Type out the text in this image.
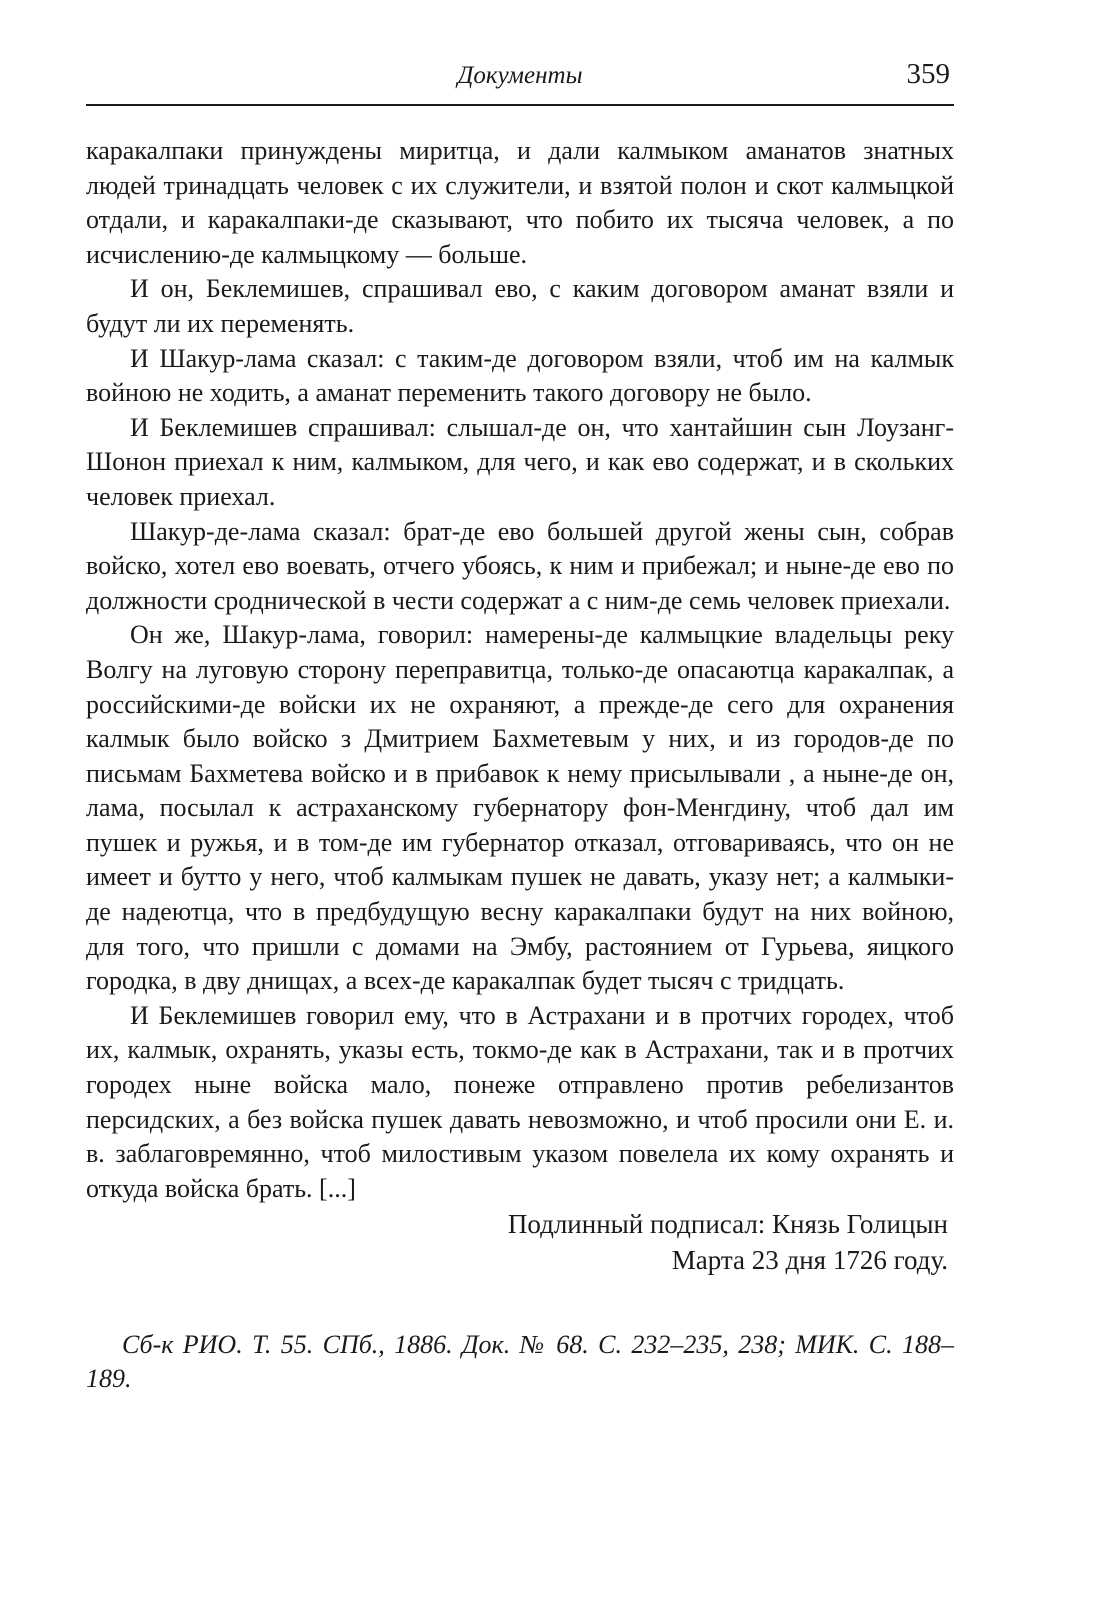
Документы	359

каракалпаки принуждены миритца, и дали калмыком аманатов знатных людей тринадцать человек с их служители, и взятой полон и скот калмыцкой отдали, и каракалпаки-де сказывают, что побито их тысяча человек, а по исчислению-де калмыцкому — больше.

И он, Беклемишев, спрашивал ево, с каким договором аманат взяли и будут ли их переменять.

И Шакур-лама сказал: с таким-де договором взяли, чтоб им на калмык войною не ходить, а аманат переменить такого договору не было.

И Беклемишев спрашивал: слышал-де он, что хантайшин сын Лоузанг-Шонон приехал к ним, калмыком, для чего, и как ево содержат, и в скольких человек приехал.

Шакур-де-лама сказал: брат-де ево большей другой жены сын, собрав войско, хотел ево воевать, отчего убоясь, к ним и прибежал; и ныне-де ево по должности сроднической в чести содержат а с ним-де семь человек приехали.

Он же, Шакур-лама, говорил: намерены-де калмыцкие владельцы реку Волгу на луговую сторону переправитца, только-де опасаютца каракалпак, а российскими-де войски их не охраняют, а прежде-де сего для охранения калмык было войско з Дмитрием Бахметевым у них, и из городов-де по письмам Бахметева войско и в прибавок к нему присылывали , а ныне-де он, лама, посылал к астраханскому губернатору фон-Менгдину, чтоб дал им пушек и ружья, и в том-де им губернатор отказал, отговариваясь, что он не имеет и бутто у него, чтоб калмыкам пушек не давать, указу нет; а калмыки-де надеютца, что в предбудущую весну каракалпаки будут на них войною, для того, что пришли с домами на Эмбу, растоянием от Гурьева, яицкого городка, в дву днищах, а всех-де каракалпак будет тысяч с тридцать.

И Беклемишев говорил ему, что в Астрахани и в протчих городех, чтоб их, калмык, охранять, указы есть, токмо-де как в Астрахани, так и в протчих городех ныне войска мало, понеже отправлено против ребелизантов персидских, а без войска пушек давать невозможно, и чтоб просили они Е. и. в. заблаговремянно, чтоб милостивым указом повелела их кому охранять и откуда войска брать. [...]

Подлинный подписал: Князь Голицын
Марта 23 дня 1726 году.
Сб-к РИО. Т. 55. СПб., 1886. Док. № 68. С. 232–235, 238; МИК. С. 188–189.
